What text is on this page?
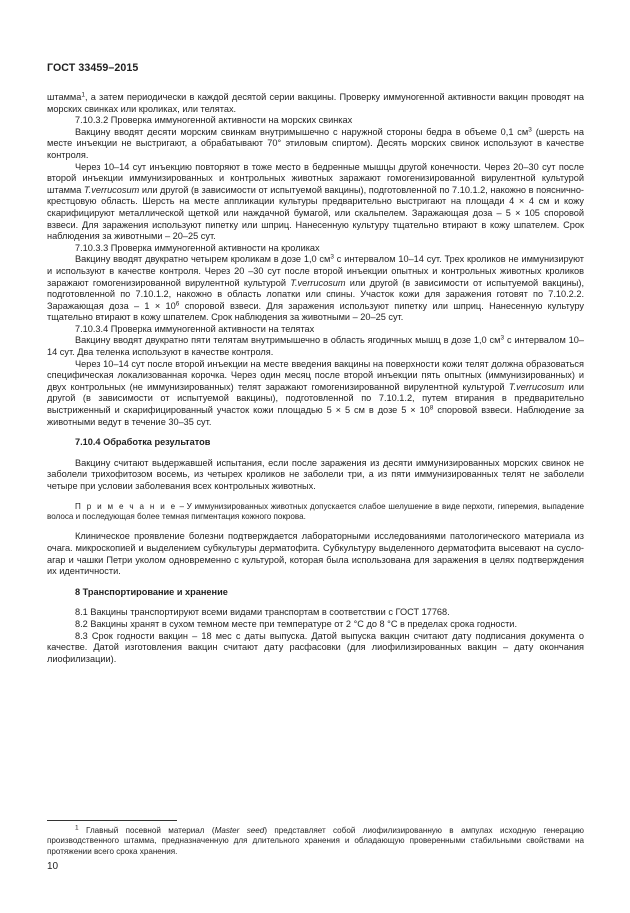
ГОСТ 33459–2015

штамма$^1$, а затем периодически в каждой десятой серии вакцины. Проверку иммуногенной активности вакцин проводят на морских свинках или кроликах, или телятах.

7.10.3.2 Проверка иммуногенной активности на морских свинках

Вакцину вводят десяти морским свинкам внутримышечно с наружной стороны бедра в объеме 0,1 $см^3$ (шерсть на месте инъекции не выстригают, а обрабатывают 70° этиловым спиртом). Десять морских свинок используют в качестве контроля.

Через 10–14 сут инъекцию повторяют в тоже место в бедренные мышцы другой конечности. Через 20–30 сут после второй инъекции иммунизированных и контрольных животных заражают гомогенизированной вирулентной культурой штамма T.verrucosum или другой (в зависимости от испытуемой вакцины), подготовленной по 7.10.1.2, накожно в пояснично-крестцовую область. Шерсть на месте аппликации культуры предварительно выстригают на площади 4 × 4 см и кожу скарифицируют металлической щеткой или наждачной бумагой, или скальпелем. Заражающая доза – 5 × 105 споровой взвеси. Для заражения используют пипетку или шприц. Нанесенную культуру тщательно втирают в кожу шпателем. Срок наблюдения за животными – 20–25 сут.

7.10.3.3 Проверка иммуногенной активности на кроликах

Вакцину вводят двукратно четырем кроликам в дозе 1,0 $см^3$ с интервалом 10–14 сут. Трех кроликов не иммунизируют и используют в качестве контроля. Через 20 –30 сут после второй инъекции опытных и контрольных животных кроликов заражают гомогенизированной вирулентной культурой T.verrucosum или другой (в зависимости от испытуемой вакцины), подготовленной по 7.10.1.2, накожно в область лопатки или спины. Участок кожи для заражения готовят по 7.10.2.2. Заражающая доза – $1 \times 10^6$ споровой взвеси. Для заражения используют пипетку или шприц. Нанесенную культуру тщательно втирают в кожу шпателем. Срок наблюдения за животными – 20–25 сут.

7.10.3.4 Проверка иммуногенной активности на телятах

Вакцину вводят двукратно пяти телятам внутримышечно в область ягодичных мышц в дозе 1,0 $см^3$ с интервалом 10–14 сут. Два теленка используют в качестве контроля.

Через 10–14 сут после второй инъекции на месте введения вакцины на поверхности кожи телят должна образоваться специфическая локализованная корочка. Через один месяц после второй инъекции пять опытных (иммунизированных) и двух контрольных (не иммунизированных) телят заражают гомогенизированной вирулентной культурой T.verrucosum или другой (в зависимости от испытуемой вакцины), подготовленной по 7.10.1.2, путем втирания в предварительно выстриженный и скарифицированный участок кожи площадью 5 × 5 см в дозе $5 \times 10^8$ споровой взвеси. Наблюдение за животными ведут в течение 30–35 сут.

7.10.4 Обработка результатов

Вакцину считают выдержавшей испытания, если после заражения из десяти иммунизированных морских свинок не заболели трихофитозом восемь, из четырех кроликов не заболели три, а из пяти иммунизированных телят не заболели четыре при условии заболевания всех контрольных животных.

П р и м е ч а н и е – У иммунизированных животных допускается слабое шелушение в виде перхоти, гиперемия, выпадение волоса и последующая более темная пигментация кожного покрова.

Клиническое проявление болезни подтверждается лабораторными исследованиями патологического материала из очага. микроскопией и выделением субкультуры дерматофита. Субкультуру выделенного дерматофита высевают на сусло-агар и чашки Петри уколом одновременно с культурой, которая была использована для заражения в целях подтверждения их идентичности.

8 Транспортирование и хранение

8.1 Вакцины транспортируют всеми видами транспортам в соответствии с ГОСТ 17768.

8.2 Вакцины хранят в сухом темном месте при температуре от 2 °С до 8 °С в пределах срока годности.

8.3 Срок годности вакцин – 18 мес с даты выпуска. Датой выпуска вакцин считают дату подписания документа о качестве. Датой изготовления вакцин считают дату расфасовки (для лиофилизированных вакцин – дату окончания лиофилизации).

$^1$ Главный посевной материал (Master seed) представляет собой лиофилизированную в ампулах исходную генерацию производственного штамма, предназначенную для длительного хранения и обладающую проверенными стабильными свойствами на протяжении всего срока хранения.

10
